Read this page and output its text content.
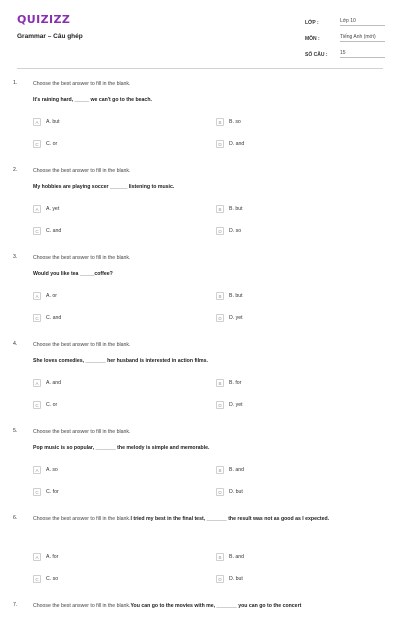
QUIZIZZ
Grammar – Câu ghép
LỚP :	Lớp 10
MÔN :	Tiếng Anh (mới)
SỐ CÂU :	15
1.	Choose the best answer to fill in the blank.
It's raining hard, _____ we can't go to the beach.
A	A. but	B	B. so
C	C. or	D	D. and
2.	Choose the best answer to fill in the blank.
My hobbies are playing soccer ______ listening to music.
A	A. yet	B	B. but
C	C. and	D	D. so
3.	Choose the best answer to fill in the blank.
Would you like tea _____coffee?
A	A. or	B	B. but
C	C. and	D	D. yet
4.	Choose the best answer to fill in the blank.
She loves comedies, _______ her husband is interested in action films.
A	A. and	B	B. for
C	C. or	D	D. yet
5.	Choose the best answer to fill in the blank.
Pop music is so popular, _______ the melody is simple and memorable.
A	A. so	B	B. and
C	C. for	D	D. but
6.	Choose the best answer to fill in the blank.I tried my best in the final test, _______ the result was not as good as I expected.
A	A. for	B	B. and
C	C. so	D	D. but
7.	Choose the best answer to fill in the blank.You can go to the movies with me, _______ you can go to the concert
